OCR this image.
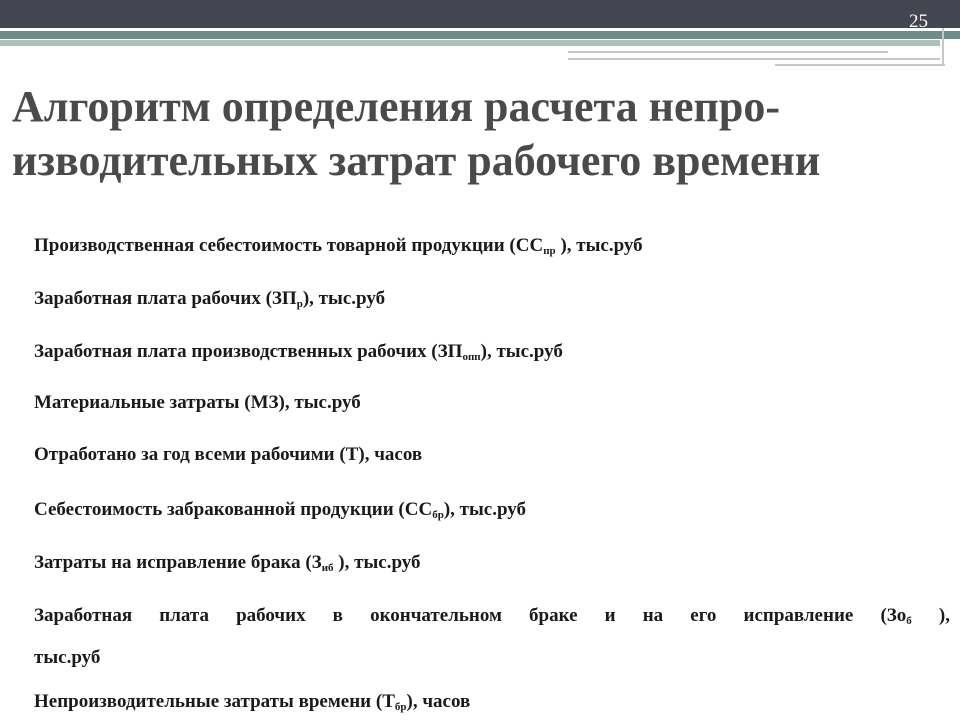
25
Алгоритм определения расчета непро-
изводительных затрат рабочего времени

Производственная себестоимость товарной продукции ($СС_{пр}$ ), тыс.руб

Заработная плата рабочих $(ЗП_р)$, тыс.руб

Заработная плата производственных рабочих $(ЗП_{опп})$, тыс.руб

Материальные затраты (МЗ), тыс.руб

Отработано за год всеми рабочими (Т), часов

Себестоимость забракованной продукции $(СС_{бр})$, тыс.руб

Затраты на исправление брака ($З_{иб}$ ), тыс.руб

Заработная плата рабочих в окончательном браке и на его исправление ($Зо_б$ ),
тыс.руб

Непроизводительные затраты времени $(Т_{бр})$, часов
